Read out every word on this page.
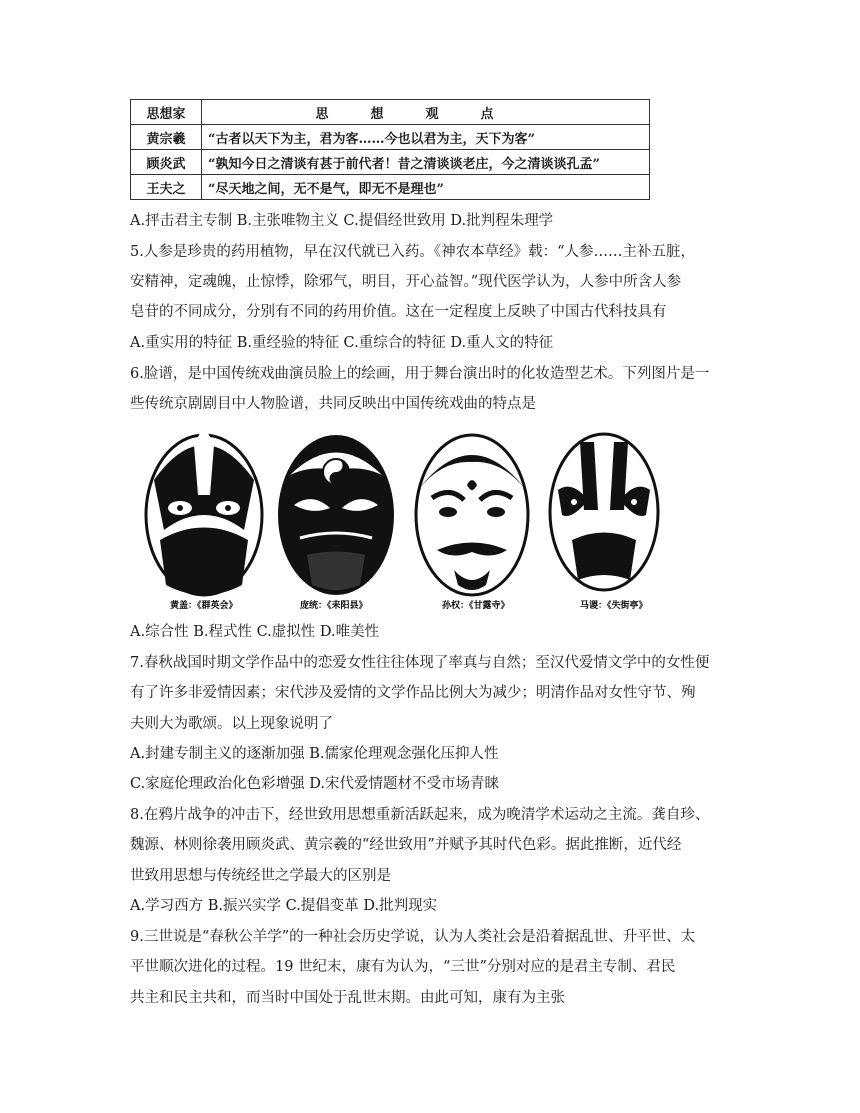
思想家	思想观点
黄宗羲	“古者以天下为主，君为客……今也以君为主，天下为客”
顾炎武	“孰知今日之清谈有甚于前代者！昔之清谈谈老庄，今之清谈谈孔孟”
王夫之	“尽天地之间，无不是气，即无不是理也”
A.抨击君主专制 B.主张唯物主义 C.提倡经世致用 D.批判程朱理学
5.人参是珍贵的药用植物，早在汉代就已入药。《神农本草经》载：“人参……主补五脏，
安精神，定魂魄，止惊悸，除邪气，明目，开心益智。”现代医学认为，人参中所含人参
皂苷的不同成分，分别有不同的药用价值。这在一定程度上反映了中国古代科技具有
A.重实用的特征 B.重经验的特征 C.重综合的特征 D.重人文的特征
6.脸谱，是中国传统戏曲演员脸上的绘画，用于舞台演出时的化妆造型艺术。下列图片是一
些传统京剧剧目中人物脸谱，共同反映出中国传统戏曲的特点是
黄盖：《群英会》	庞统：《耒阳县》	孙权：《甘露寺》	马谡：《失街亭》
A.综合性 B.程式性 C.虚拟性 D.唯美性
7.春秋战国时期文学作品中的恋爱女性往往体现了率真与自然；至汉代爱情文学中的女性便
有了许多非爱情因素；宋代涉及爱情的文学作品比例大为减少；明清作品对女性守节、殉
夫则大为歌颂。以上现象说明了
A.封建专制主义的逐渐加强 B.儒家伦理观念强化压抑人性
C.家庭伦理政治化色彩增强 D.宋代爱情题材不受市场青睐
8.在鸦片战争的冲击下，经世致用思想重新活跃起来，成为晚清学术运动之主流。龚自珍、
魏源、林则徐袭用顾炎武、黄宗羲的“经世致用”并赋予其时代色彩。据此推断，近代经
世致用思想与传统经世之学最大的区别是
A.学习西方 B.振兴实学 C.提倡变革 D.批判现实
9.三世说是“春秋公羊学”的一种社会历史学说，认为人类社会是沿着据乱世、升平世、太
平世顺次进化的过程。19 世纪末，康有为认为，“三世”分别对应的是君主专制、君民
共主和民主共和，而当时中国处于乱世末期。由此可知，康有为主张
